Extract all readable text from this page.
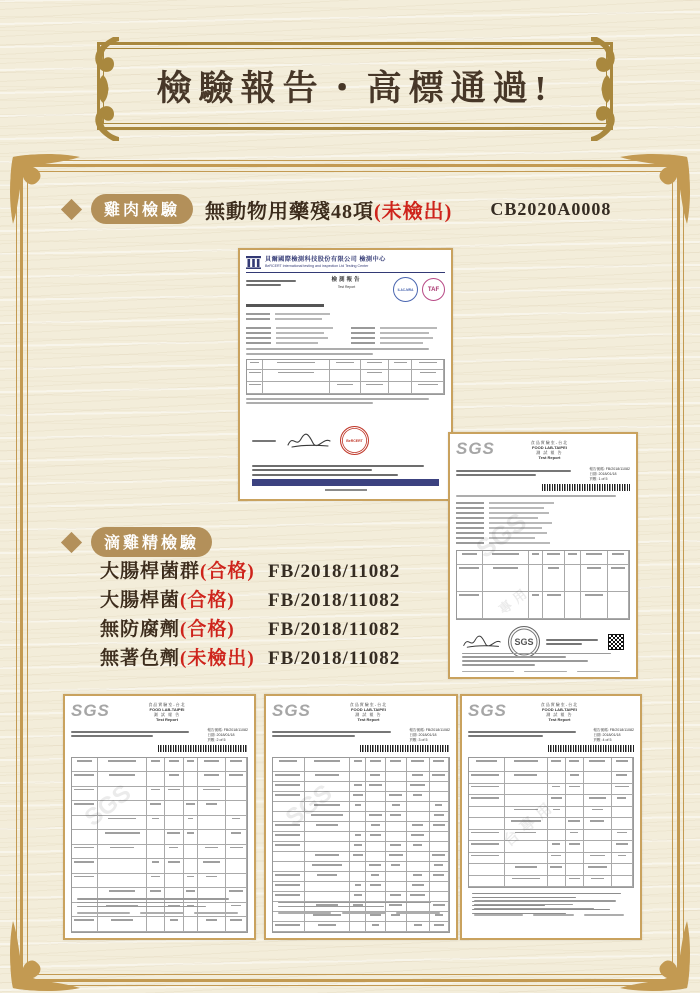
檢驗報告・高標通過!
雞肉檢驗	無動物用藥殘48項(未檢出) CB2020A0008
貝爾國際檢測科技股份有限公司 檢測中心
BeRCERT International testing and inspection Ltd Testing Center
檢測報告
Test Report
ILAC-MRA TAF
BeRCERT	SGS	食品實驗室-台北
FOOD LAB-TAIPEI
測 試 報 告
Test Report
報告號碼: FB/2018/11082
日期: 2018/01/18
頁數: 1 of 5
SGS
SGS
專用
滴雞精檢驗
大腸桿菌群(合格) FB/2018/11082
大腸桿菌(合格)	FB/2018/11082
無防腐劑(合格)	FB/2018/11082
無著色劑(未檢出) FB/2018/11082
SGS	食品實驗室-台北
FOOD LAB-TAIPEI
測 試 報 告
Test Report
報告號碼: FB/2018/11082
日期: 2018/01/18
頁數: 2 of 5
SGS
SGS	食品實驗室-台北
FOOD LAB-TAIPEI
測 試 報 告
Test Report
報告號碼: FB/2018/11082
日期: 2018/01/18
頁數: 3 of 5
SGS
SGS	食品實驗室-台北
FOOD LAB-TAIPEI
測 試 報 告
Test Report
報告號碼: FB/2018/11082
日期: 2018/01/18
頁數: 4 of 5
台專用
